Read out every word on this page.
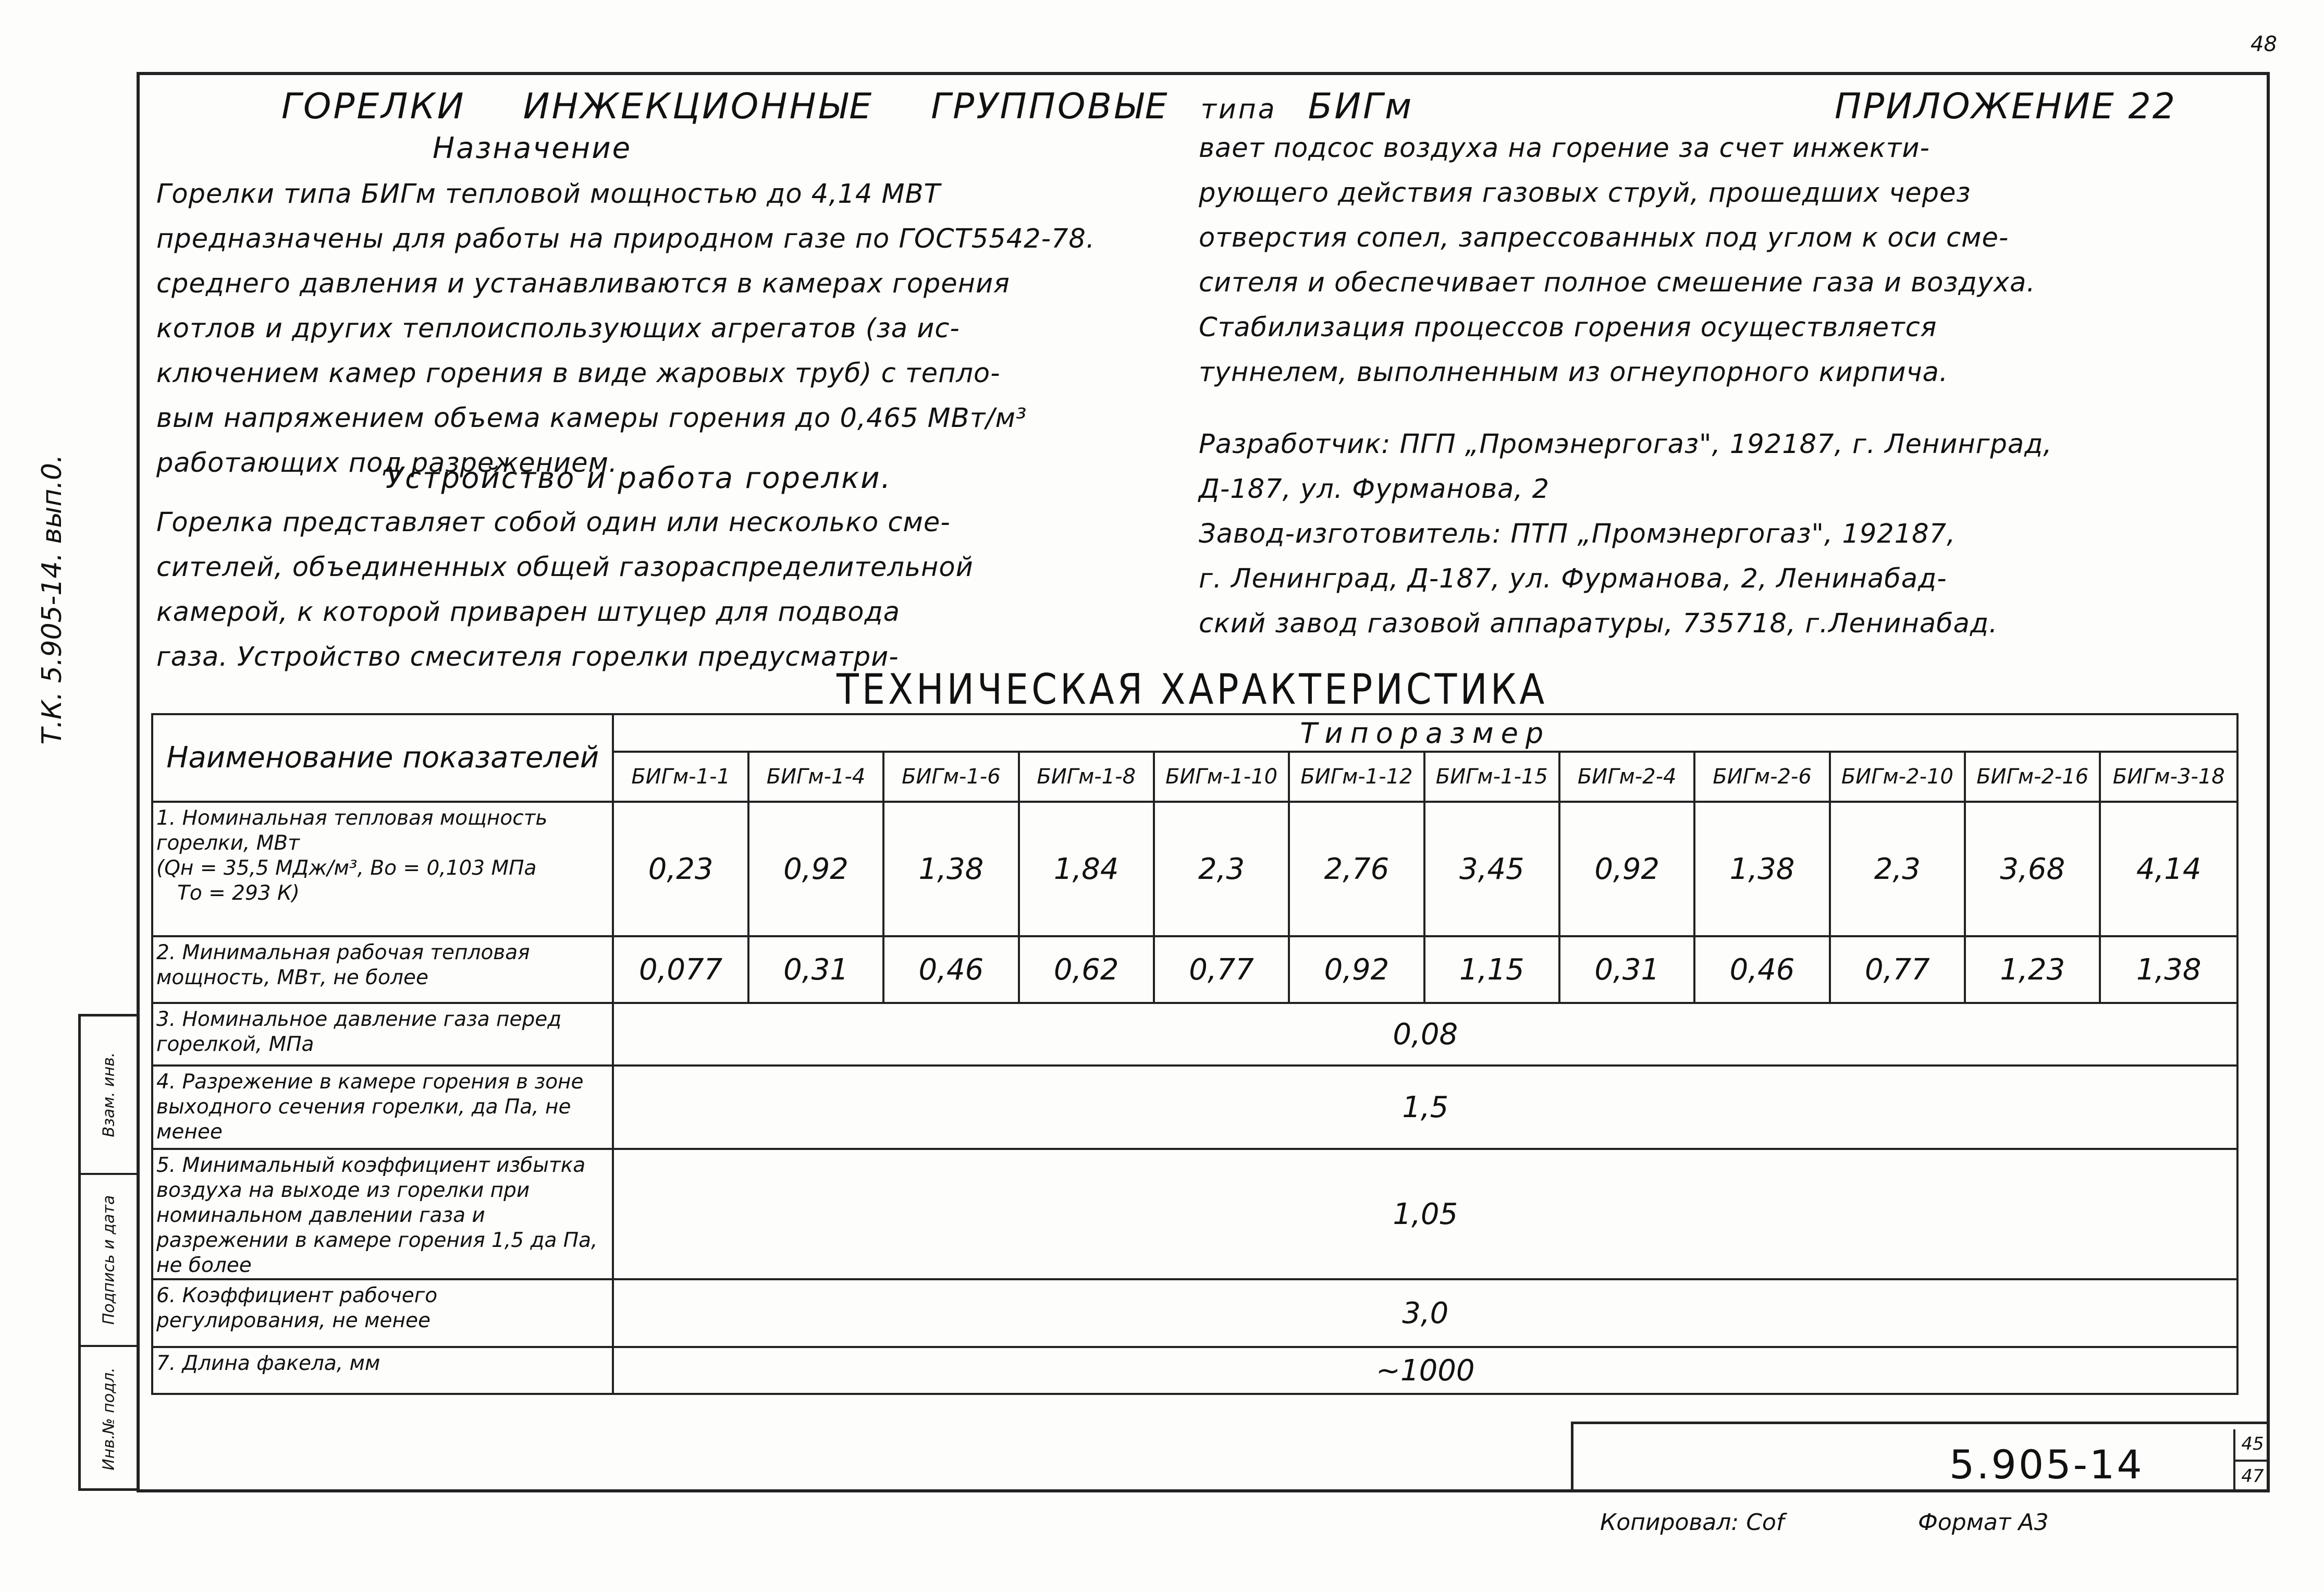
48
Т.К. 5.905-14. вып.0.
Взам. инв.
Подпись и дата
Инв.№ подл.
ГОРЕЛКИ ИНЖЕКЦИОННЫЕ ГРУППОВЫЕ типа БИГм	ПРИЛОЖЕНИЕ 22
Назначение
Горелки типа БИГм тепловой мощностью до 4,14 МВТ
предназначены для работы на природном газе по ГОСТ5542-78.
среднего давления и устанавливаются в камерах горения
котлов и других теплоиспользующих агрегатов (за ис-
ключением камер горения в виде жаровых труб) с тепло-
вым напряжением объема камеры горения до 0,465 МВт/м³
работающих под разрежением.
Устройство и работа горелки.
Горелка представляет собой один или несколько сме-
сителей, объединенных общей газораспределительной
камерой, к которой приварен штуцер для подвода
газа. Устройство смесителя горелки предусматри-
вает подсос воздуха на горение за счет инжекти-
рующего действия газовых струй, прошедших через
отверстия сопел, запрессованных под углом к оси сме-
сителя и обеспечивает полное смешение газа и воздуха.
Стабилизация процессов горения осуществляется
туннелем, выполненным из огнеупорного кирпича.
Разработчик: ПГП „Промэнергогаз", 192187, г. Ленинград,
Д-187, ул. Фурманова, 2
Завод-изготовитель: ПТП „Промэнергогаз", 192187,
г. Ленинград, Д-187, ул. Фурманова, 2, Ленинабад-
ский завод газовой аппаратуры, 735718, г.Ленинабад.
ТЕХНИЧЕСКАЯ ХАРАКТЕРИСТИКА
Наименование показателей	Типоразмер											
	БИГм-1-1	БИГм-1-4	БИГм-1-6	БИГм-1-8	БИГм-1-10	БИГм-1-12	БИГм-1-15	БИГм-2-4	БИГм-2-6	БИГм-2-10	БИГм-2-16	БИГм-3-18

1. Номинальная тепловая мощность горелки, МВт
(Qн = 35,5 МДж/м³, Во = 0,103 МПа
То = 293 К)	0,23	0,92	1,38	1,84	2,3	2,76	3,45	0,92	1,38	2,3	3,68	4,14
2. Минимальная рабочая тепловая мощность, МВт, не более	0,077	0,31	0,46	0,62	0,77	0,92	1,15	0,31	0,46	0,77	1,23	1,38
3. Номинальное давление газа перед горелкой, МПа	0,08											
4. Разрежение в камере горения в зоне выходного сечения горелки, да Па, не менее	1,5											
5. Минимальный коэффициент избытка воздуха на выходе из горелки при номинальном давлении газа и разрежении в камере горения 1,5 да Па, не более	1,05											
6. Коэффициент рабочего регулирования, не менее	3,0											
7. Длина факела, мм	~1000											
5.905-14	45
47
Копировал: Cof	Формат А3
